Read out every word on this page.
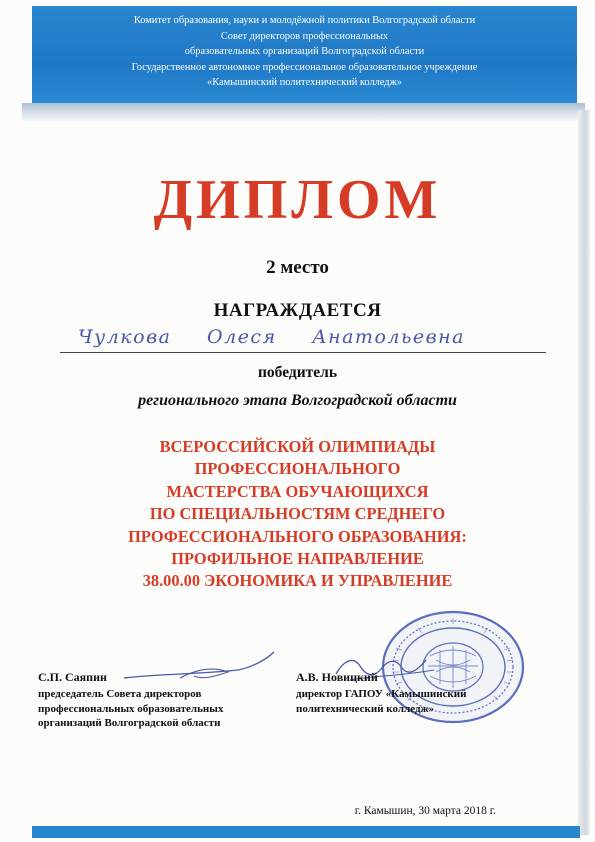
Комитет образования, науки и молодёжной политики Волгоградской области
Совет директоров профессиональных
образовательных организаций Волгоградской области
Государственное автономное профессиональное образовательное учреждение
«Камышинский политехнический колледж»
ДИПЛОМ
2 место
НАГРАЖДАЕТСЯ
Чулкова Олеся Анатольевна
победитель
регионального этапа Волгоградской области
ВСЕРОССИЙСКОЙ ОЛИМПИАДЫ
ПРОФЕССИОНАЛЬНОГО
МАСТЕРСТВА ОБУЧАЮЩИХСЯ
ПО СПЕЦИАЛЬНОСТЯМ СРЕДНЕГО
ПРОФЕССИОНАЛЬНОГО ОБРАЗОВАНИЯ:
ПРОФИЛЬНОЕ НАПРАВЛЕНИЕ
38.00.00 ЭКОНОМИКА И УПРАВЛЕНИЕ
С.П. Саяпин
председатель Совета директоров
профессиональных образовательных
организаций Волгоградской области
А.В. Новицкий
директор ГАПОУ «Камышинский
политехнический колледж»
г. Камышин, 30 марта 2018 г.
